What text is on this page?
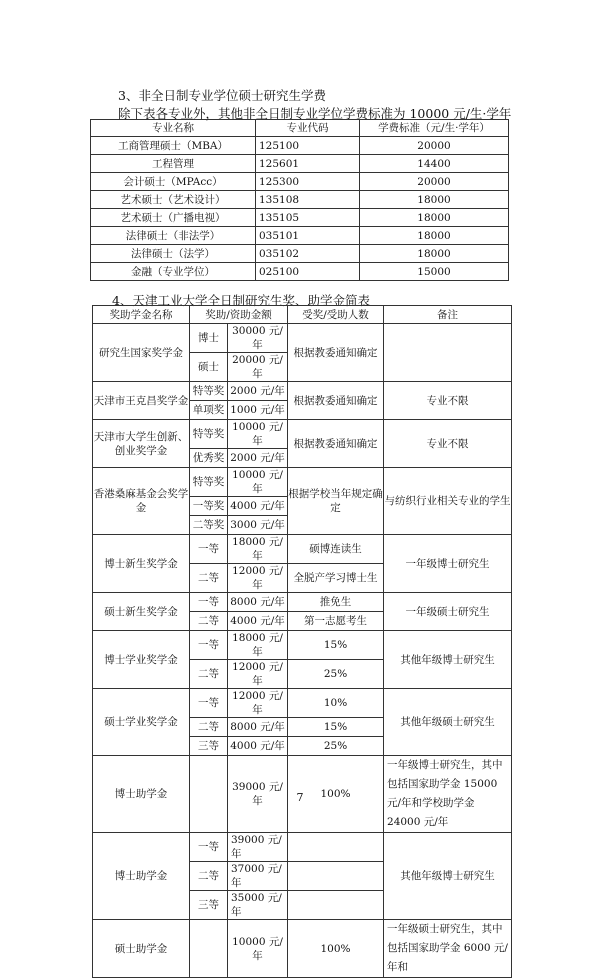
3、非全日制专业学位硕士研究生学费
除下表各专业外，其他非全日制专业学位学费标准为 10000 元/生·学年
专业名称	专业代码	学费标准（元/生·学年）
工商管理硕士（MBA）	125100	20000
工程管理	125601	14400
会计硕士（MPAcc）	125300	20000
艺术硕士（艺术设计）	135108	18000
艺术硕士（广播电视）	135105	18000
法律硕士（非法学）	035101	18000
法律硕士（法学）	035102	18000
金融（专业学位）	025100	15000
4、天津工业大学全日制研究生奖、助学金简表
奖助学金名称	奖助/资助金额		受奖/受助人数	备注
研究生国家奖学金	博士	30000 元/年	根据教委通知确定	
	硕士	20000 元/年		
天津市王克昌奖学金	特等奖	2000 元/年	根据教委通知确定	专业不限
	单项奖	1000 元/年		
天津市大学生创新、创业奖学金	特等奖	10000 元/年	根据教委通知确定	专业不限
	优秀奖	2000 元/年		
香港桑麻基金会奖学金	特等奖	10000 元/年	根据学校当年规定确定	与纺织行业相关专业的学生
	一等奖	4000 元/年		
	二等奖	3000 元/年		
博士新生奖学金	一等	18000 元/年	硕博连读生	一年级博士研究生
	二等	12000 元/年	全脱产学习博士生	
硕士新生奖学金	一等	8000 元/年	推免生	一年级硕士研究生
	二等	4000 元/年	第一志愿考生	
博士学业奖学金	一等	18000 元/年	15%	其他年级博士研究生
	二等	12000 元/年	25%	
硕士学业奖学金	一等	12000 元/年	10%	其他年级硕士研究生
	二等	8000 元/年	15%	
	三等	4000 元/年	25%	
博士助学金		39000 元/年	100%	一年级博士研究生，其中包括国家助学金 15000 元/年和学校助学金 24000 元/年
博士助学金	一等	39000 元/年		其他年级博士研究生
	二等	37000 元/年		
	三等	35000 元/年		
硕士助学金		10000 元/年	100%	一年级硕士研究生，其中包括国家助学金 6000 元/年和
7
